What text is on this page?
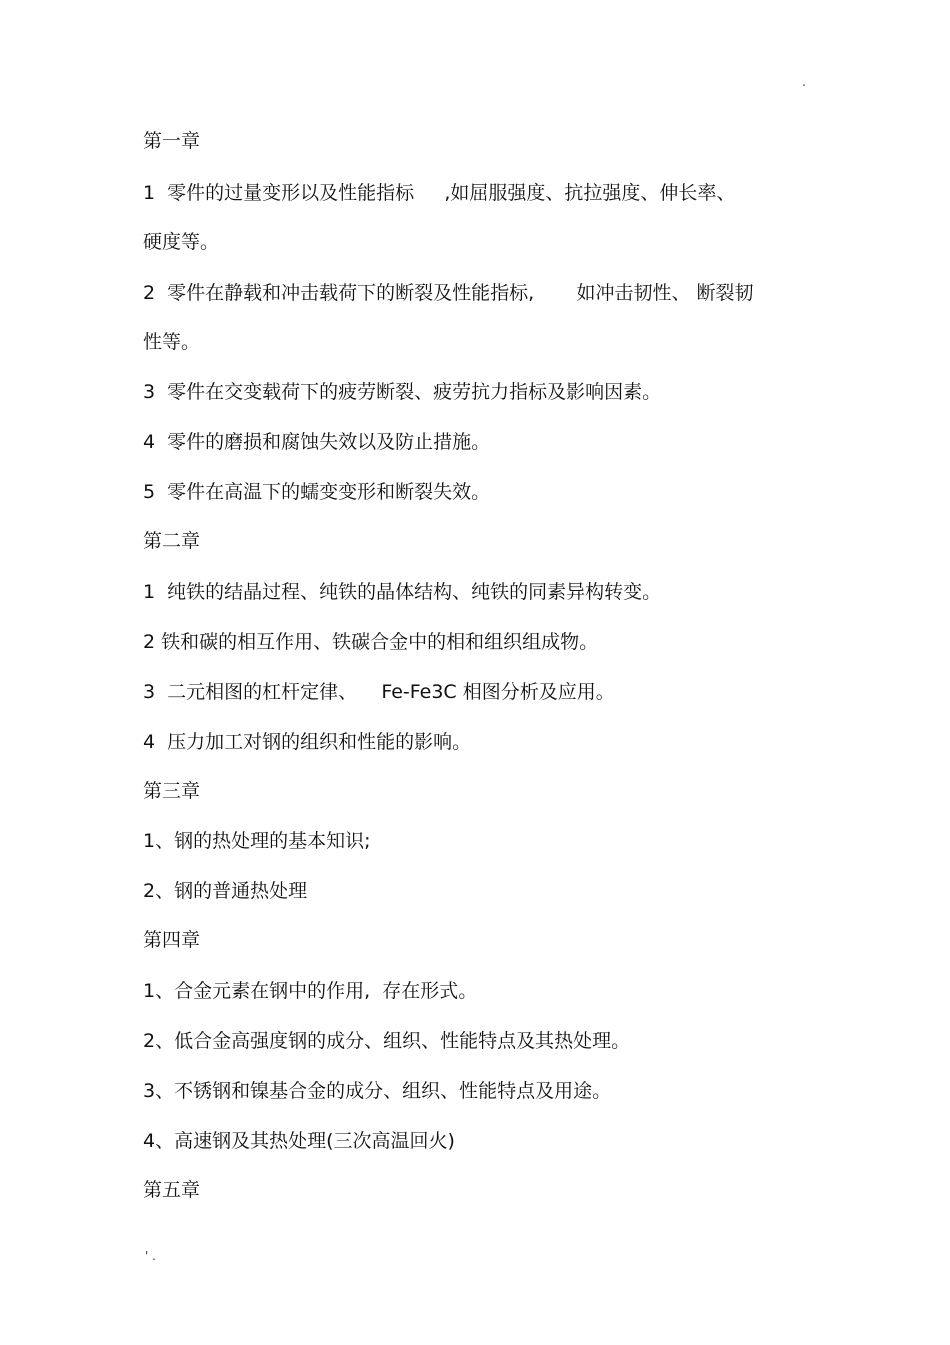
.
第一章
1  零件的过量变形以及性能指标     ,如屈服强度、抗拉强度、伸长率、
硬度等。
2  零件在静载和冲击载荷下的断裂及性能指标,       如冲击韧性、 断裂韧
性等。
3  零件在交变载荷下的疲劳断裂、疲劳抗力指标及影响因素。
4  零件的磨损和腐蚀失效以及防止措施。
5  零件在高温下的蠕变变形和断裂失效。
第二章
1  纯铁的结晶过程、纯铁的晶体结构、纯铁的同素异构转变。
2 铁和碳的相互作用、铁碳合金中的相和组织组成物。
3  二元相图的杠杆定律、    Fe-Fe3C 相图分析及应用。
4  压力加工对钢的组织和性能的影响。
第三章
1、钢的热处理的基本知识;
2、钢的普通热处理
第四章
1、合金元素在钢中的作用,  存在形式。
2、低合金高强度钢的成分、组织、性能特点及其热处理。
3、不锈钢和镍基合金的成分、组织、性能特点及用途。
4、高速钢及其热处理(三次高温回火)
第五章
' .
